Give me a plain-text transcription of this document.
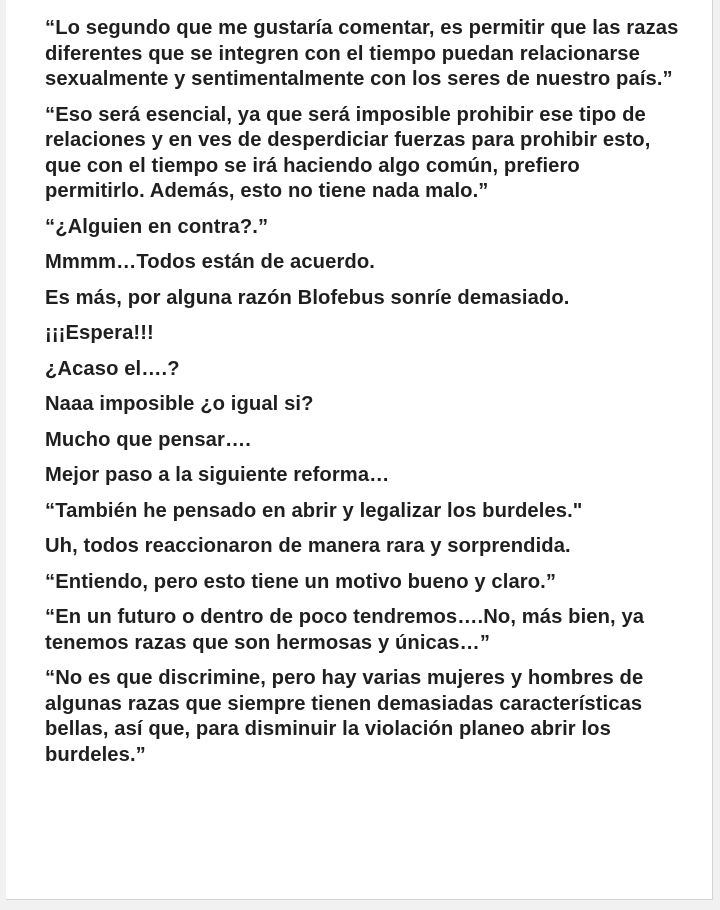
“Lo segundo que me gustaría comentar, es permitir que las razas diferentes que se integren con el tiempo puedan relacionarse sexualmente y sentimentalmente con los seres de nuestro país.”

“Eso será esencial, ya que será imposible prohibir ese tipo de relaciones y en ves de desperdiciar fuerzas para prohibir esto, que con el tiempo se irá haciendo algo común, prefiero permitirlo. Además, esto no tiene nada malo.”

“¿Alguien en contra?.”

Mmmm…Todos están de acuerdo.

Es más, por alguna razón Blofebus sonríe demasiado.

¡¡¡Espera!!!

¿Acaso el….?

Naaa imposible ¿o igual si?

Mucho que pensar….

Mejor paso a la siguiente reforma…

“También he pensado en abrir y legalizar los burdeles."

Uh, todos reaccionaron de manera rara y sorprendida.

“Entiendo, pero esto tiene un motivo bueno y claro.”

“En un futuro o dentro de poco tendremos….No, más bien, ya tenemos razas que son hermosas y únicas…”

“No es que discrimine, pero hay varias mujeres y hombres de algunas razas que siempre tienen demasiadas características bellas, así que, para disminuir la violación planeo abrir los burdeles.”
